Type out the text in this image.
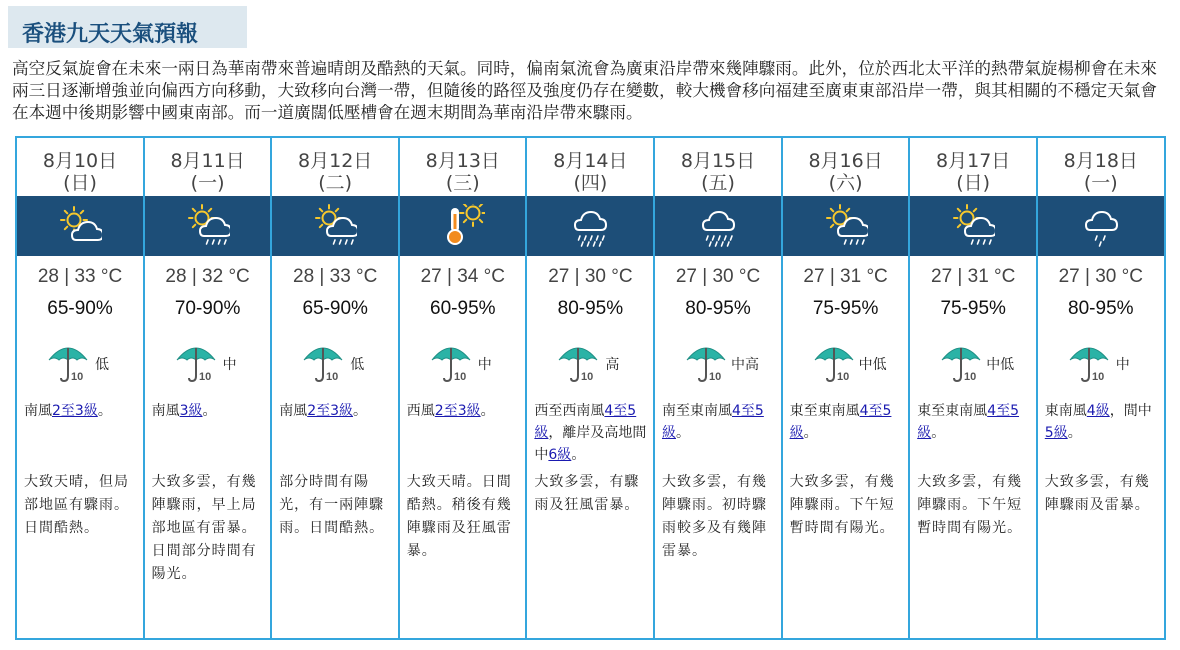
香港九天天氣預報
高空反氣旋會在未來一兩日為華南帶來普遍晴朗及酷熱的天氣。同時，偏南氣流會為廣東沿岸帶來幾陣驟雨。此外，位於西北太平洋的熱帶氣旋楊柳會在未來兩三日逐漸增強並向偏西方向移動，大致移向台灣一帶，但隨後的路徑及強度仍存在變數，較大機會移向福建至廣東東部沿岸一帶，與其相關的不穩定天氣會在本週中後期影響中國東南部。而一道廣闊低壓槽會在週末期間為華南沿岸帶來驟雨。
8月10日
(日)
28 | 33 °C
65-90%
10
低
南風2至3級。
大致天晴，但局部地區有驟雨。日間酷熱。
8月11日
(一)
28 | 32 °C
70-90%
10
中
南風3級。
大致多雲，有幾陣驟雨，早上局部地區有雷暴。日間部分時間有陽光。
8月12日
(二)
28 | 33 °C
65-90%
10
低
南風2至3級。
部分時間有陽光，有一兩陣驟雨。日間酷熱。
8月13日
(三)
27 | 34 °C
60-95%
10
中
西風2至3級。
大致天晴。日間酷熱。稍後有幾陣驟雨及狂風雷暴。
8月14日
(四)
27 | 30 °C
80-95%
10
高
西至西南風4至5級，離岸及高地間中6級。
大致多雲，有驟雨及狂風雷暴。
8月15日
(五)
27 | 30 °C
80-95%
10
中高
南至東南風4至5級。
大致多雲，有幾陣驟雨。初時驟雨較多及有幾陣雷暴。
8月16日
(六)
27 | 31 °C
75-95%
10
中低
東至東南風4至5級。
大致多雲，有幾陣驟雨。下午短暫時間有陽光。
8月17日
(日)
27 | 31 °C
75-95%
10
中低
東至東南風4至5級。
大致多雲，有幾陣驟雨。下午短暫時間有陽光。
8月18日
(一)
27 | 30 °C
80-95%
10
中
東南風4級，間中5級。
大致多雲，有幾陣驟雨及雷暴。
